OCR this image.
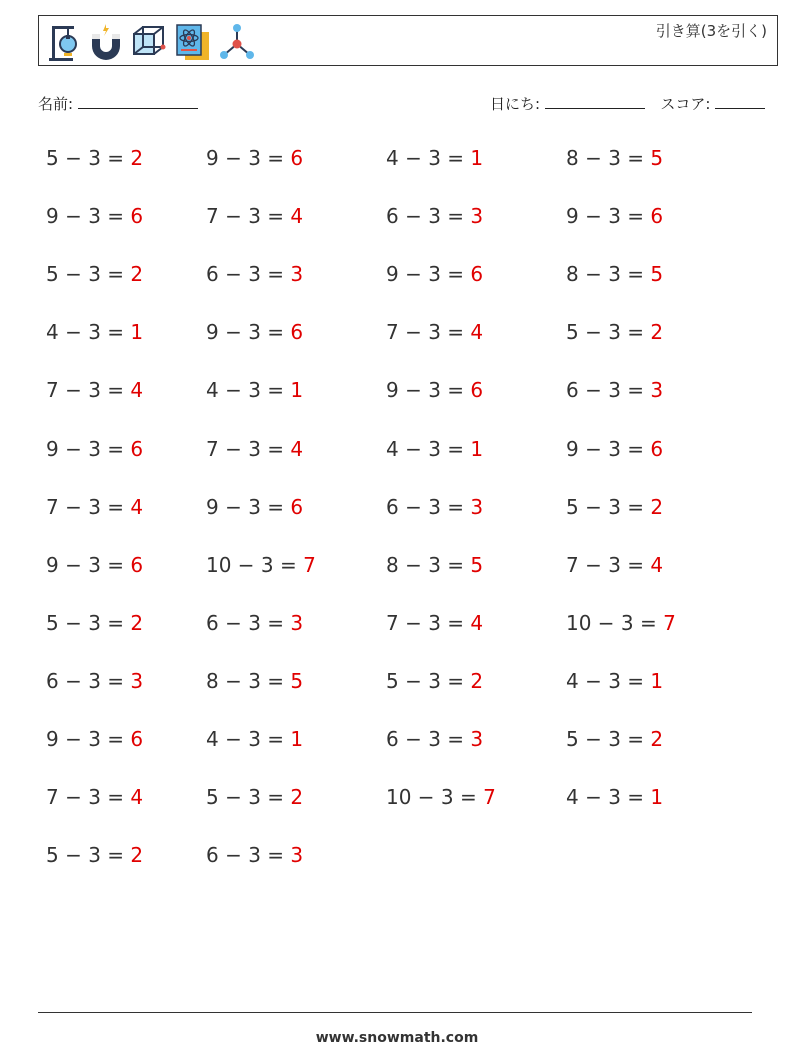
引き算(3を引く)
名前:	日にち:	スコア:
5 − 3 = 2	9 − 3 = 6	4 − 3 = 1	8 − 3 = 5
9 − 3 = 6	7 − 3 = 4	6 − 3 = 3	9 − 3 = 6
5 − 3 = 2	6 − 3 = 3	9 − 3 = 6	8 − 3 = 5
4 − 3 = 1	9 − 3 = 6	7 − 3 = 4	5 − 3 = 2
7 − 3 = 4	4 − 3 = 1	9 − 3 = 6	6 − 3 = 3
9 − 3 = 6	7 − 3 = 4	4 − 3 = 1	9 − 3 = 6
7 − 3 = 4	9 − 3 = 6	6 − 3 = 3	5 − 3 = 2
9 − 3 = 6	10 − 3 = 7	8 − 3 = 5	7 − 3 = 4
5 − 3 = 2	6 − 3 = 3	7 − 3 = 4	10 − 3 = 7
6 − 3 = 3	8 − 3 = 5	5 − 3 = 2	4 − 3 = 1
9 − 3 = 6	4 − 3 = 1	6 − 3 = 3	5 − 3 = 2
7 − 3 = 4	5 − 3 = 2	10 − 3 = 7	4 − 3 = 1
5 − 3 = 2	6 − 3 = 3
www.snowmath.com
